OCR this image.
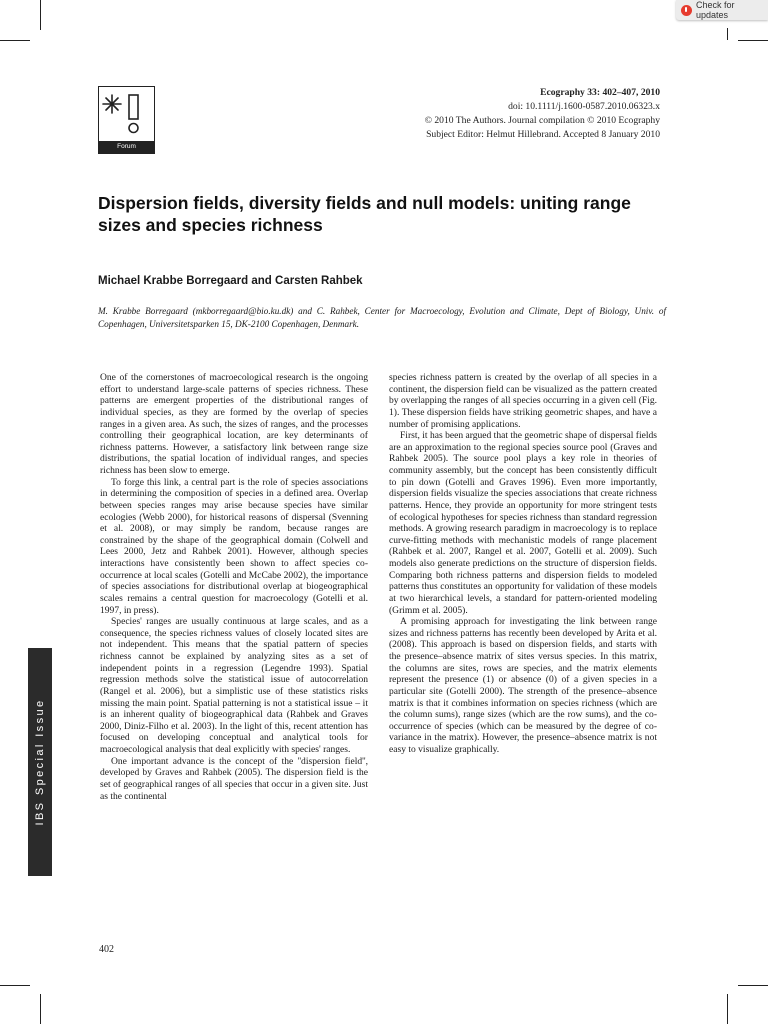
Check for updates
Forum
Ecography 33: 402–407, 2010
doi: 10.1111/j.1600-0587.2010.06323.x
© 2010 The Authors. Journal compilation © 2010 Ecography
Subject Editor: Helmut Hillebrand. Accepted 8 January 2010
Dispersion fields, diversity fields and null models: uniting range sizes and species richness

Michael Krabbe Borregaard and Carsten Rahbek

M. Krabbe Borregaard (mkborregaard@bio.ku.dk) and C. Rahbek, Center for Macroecology, Evolution and Climate, Dept of Biology, Univ. of Copenhagen, Universitetsparken 15, DK-2100 Copenhagen, Denmark.

One of the cornerstones of macroecological research is the ongoing effort to understand large-scale patterns of species richness. These patterns are emergent properties of the distributional ranges of individual species, as they are formed by the overlap of species ranges in a given area. As such, the sizes of ranges, and the processes controlling their geographical location, are key determinants of richness patterns. However, a satisfactory link between range size distributions, the spatial location of individual ranges, and species richness has been slow to emerge.

To forge this link, a central part is the role of species associations in determining the composition of species in a defined area. Overlap between species ranges may arise because species have similar ecologies (Webb 2000), for historical reasons of dispersal (Svenning et al. 2008), or may simply be random, because ranges are constrained by the shape of the geographical domain (Colwell and Lees 2000, Jetz and Rahbek 2001). However, although species interactions have consistently been shown to affect species co-occurrence at local scales (Gotelli and McCabe 2002), the importance of species associations for distributional overlap at biogeographical scales remains a central question for macroecology (Gotelli et al. 1997, in press).

Species' ranges are usually continuous at large scales, and as a consequence, the species richness values of closely located sites are not independent. This means that the spatial pattern of species richness cannot be explained by analyzing sites as a set of independent points in a regression (Legendre 1993). Spatial regression methods solve the statistical issue of autocorrelation (Rangel et al. 2006), but a simplistic use of these statistics risks missing the main point. Spatial patterning is not a statistical issue – it is an inherent quality of biogeographical data (Rahbek and Graves 2000, Diniz-Filho et al. 2003). In the light of this, recent attention has focused on developing conceptual and analytical tools for macroecological analysis that deal explicitly with species' ranges.

One important advance is the concept of the ''dispersion field'', developed by Graves and Rahbek (2005). The dispersion field is the set of geographical ranges of all species that occur in a given site. Just as the continental

species richness pattern is created by the overlap of all species in a continent, the dispersion field can be visualized as the pattern created by overlapping the ranges of all species occurring in a given cell (Fig. 1). These dispersion fields have striking geometric shapes, and have a number of promising applications.

First, it has been argued that the geometric shape of dispersal fields are an approximation to the regional species source pool (Graves and Rahbek 2005). The source pool plays a key role in theories of community assembly, but the concept has been consistently difficult to pin down (Gotelli and Graves 1996). Even more importantly, dispersion fields visualize the species associations that create richness patterns. Hence, they provide an opportunity for more stringent tests of ecological hypotheses for species richness than standard regression methods. A growing research paradigm in macroecology is to replace curve-fitting methods with mechanistic models of range placement (Rahbek et al. 2007, Rangel et al. 2007, Gotelli et al. 2009). Such models also generate predictions on the structure of dispersion fields. Comparing both richness patterns and dispersion fields to modeled patterns thus constitutes an opportunity for validation of these models at two hierarchical levels, a standard for pattern-oriented modeling (Grimm et al. 2005).

A promising approach for investigating the link between range sizes and richness patterns has recently been developed by Arita et al. (2008). This approach is based on dispersion fields, and starts with the presence–absence matrix of sites versus species. In this matrix, the columns are sites, rows are species, and the matrix elements represent the presence (1) or absence (0) of a given species in a particular site (Gotelli 2000). The strength of the presence–absence matrix is that it combines information on species richness (which are the column sums), range sizes (which are the row sums), and the co-occurrence of species (which can be measured by the degree of co-variance in the matrix). However, the presence–absence matrix is not easy to visualize graphically.

402
IBS Special Issue
